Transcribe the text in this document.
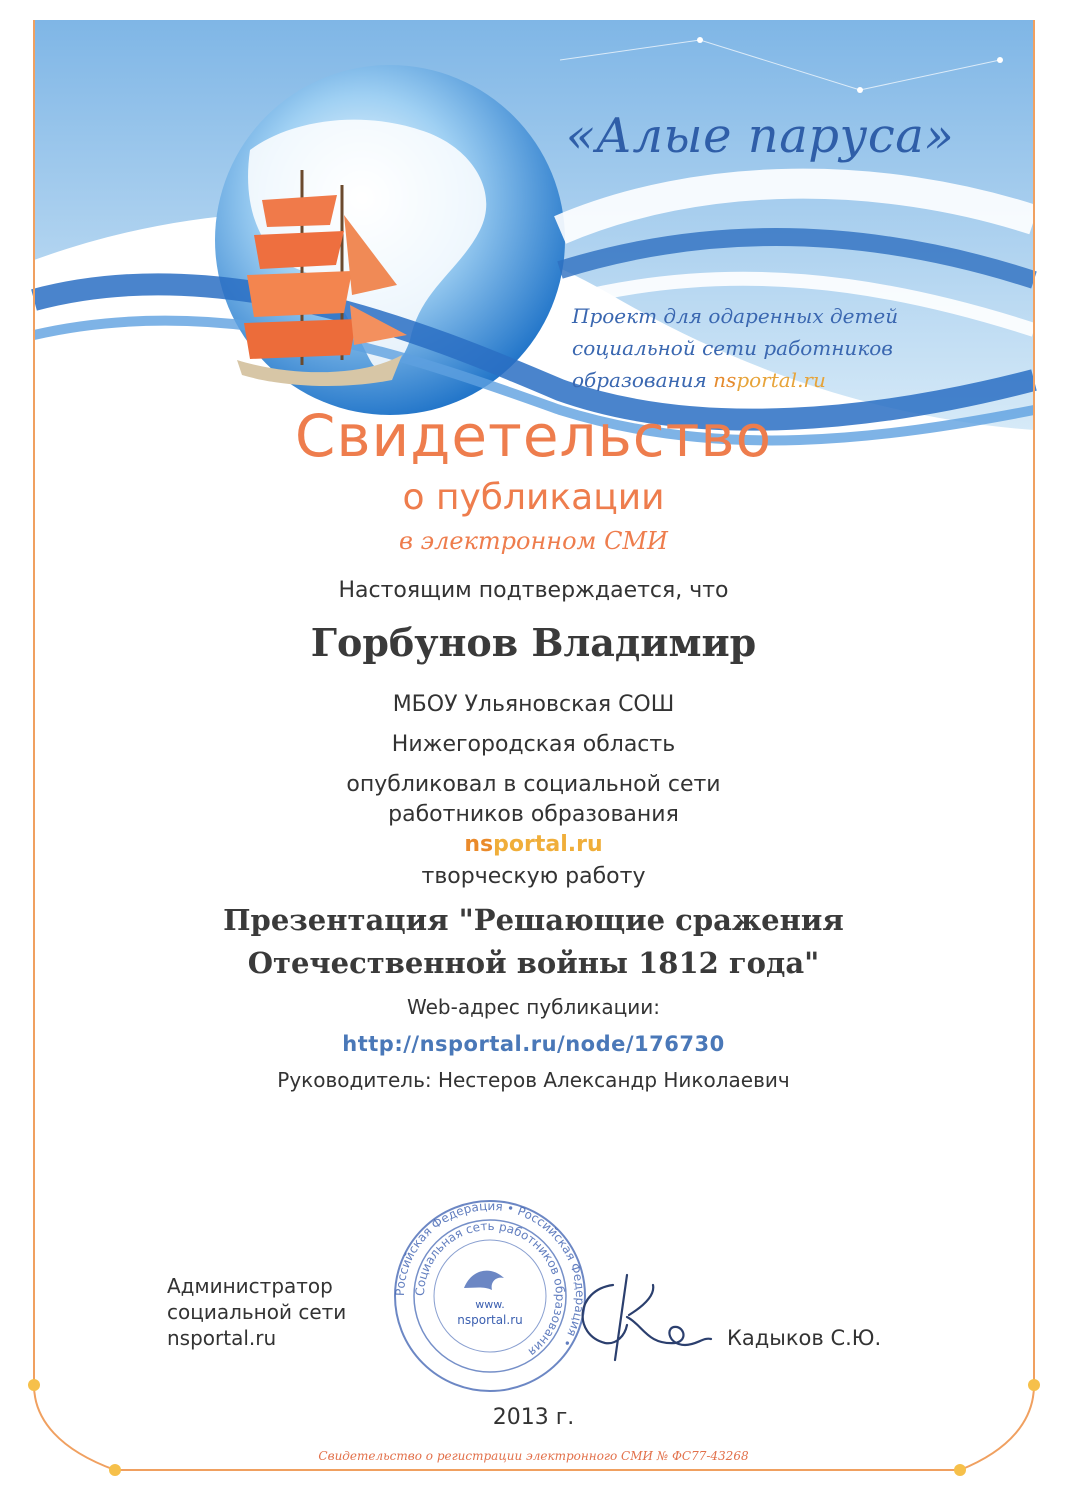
«Алые паруса»
Проект для одаренных детей
социальной сети работников
образования nsportal.ru
Свидетельство
о публикации
в электронном СМИ
Настоящим подтверждается, что
Горбунов Владимир
МБОУ Ульяновская СОШ
Нижегородская область
опубликовал в социальной сети
работников образования
nsportal.ru
творческую работу
Презентация "Решающие сражения
Отечественной войны 1812 года"
Web-адрес публикации:
http://nsportal.ru/node/176730
Руководитель: Нестеров Александр Николаевич
Администратор
социальной сети
nsportal.ru
Российская Федерация • Российская Федерация •
Социальная сеть работников образования
www.
nsportal.ru
Кадыков С.Ю.
2013 г.
Свидетельство о регистрации электронного СМИ № ФС77-43268
